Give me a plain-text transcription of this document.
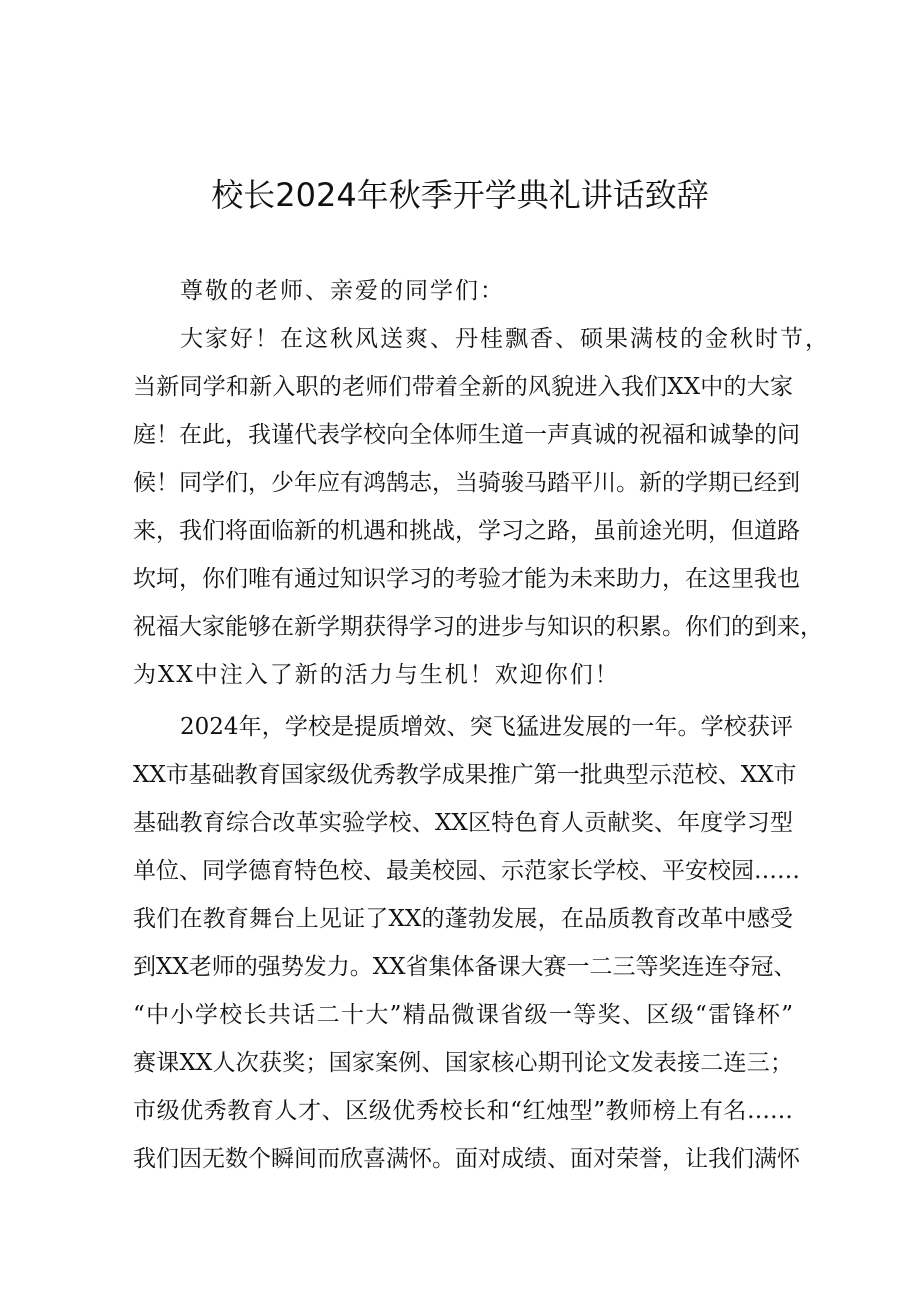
校长2024年秋季开学典礼讲话致辞
尊敬的老师、亲爱的同学们：
大家好！在这秋风送爽、丹桂飘香、硕果满枝的金秋时节，
当新同学和新入职的老师们带着全新的风貌进入我们XX中的大家
庭！在此，我谨代表学校向全体师生道一声真诚的祝福和诚挚的问
候！同学们，少年应有鸿鹄志，当骑骏马踏平川。新的学期已经到
来，我们将面临新的机遇和挑战，学习之路，虽前途光明，但道路
坎坷，你们唯有通过知识学习的考验才能为未来助力，在这里我也
祝福大家能够在新学期获得学习的进步与知识的积累。你们的到来，
为XX中注入了新的活力与生机！欢迎你们！
2024年，学校是提质增效、突飞猛进发展的一年。学校获评
XX市基础教育国家级优秀教学成果推广第一批典型示范校、XX市
基础教育综合改革实验学校、XX区特色育人贡献奖、年度学习型
单位、同学德育特色校、最美校园、示范家长学校、平安校园……
我们在教育舞台上见证了XX的蓬勃发展，在品质教育改革中感受
到XX老师的强势发力。XX省集体备课大赛一二三等奖连连夺冠、
“中小学校长共话二十大”精品微课省级一等奖、区级“雷锋杯”
赛课XX人次获奖；国家案例、国家核心期刊论文发表接二连三；
市级优秀教育人才、区级优秀校长和“红烛型”教师榜上有名……
我们因无数个瞬间而欣喜满怀。面对成绩、面对荣誉，让我们满怀
